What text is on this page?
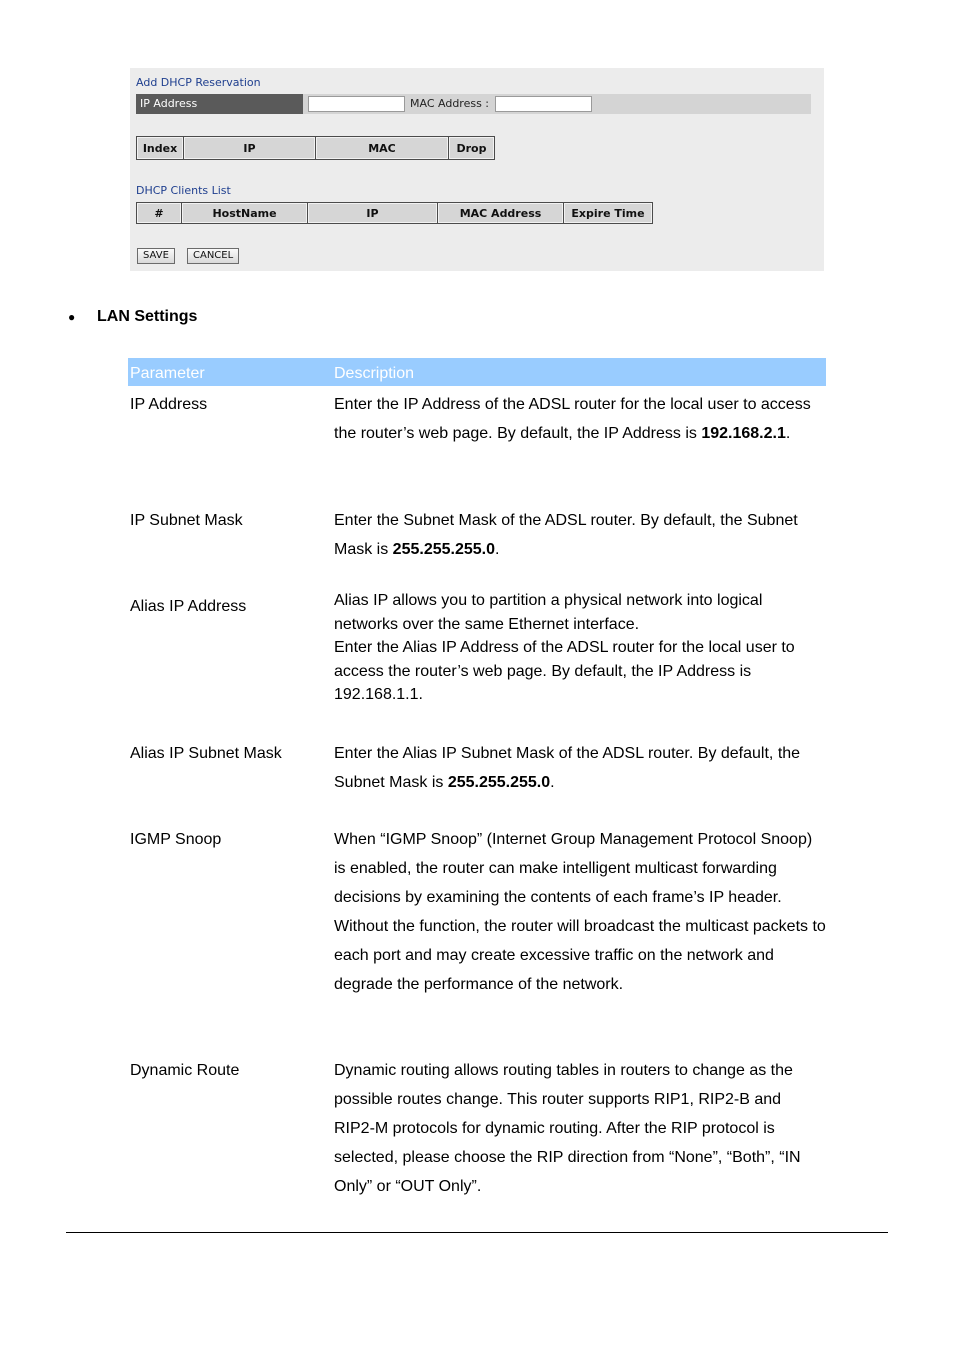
Add DHCP Reservation
IP Address	MAC Address :
Index	IP	MAC	Drop
DHCP Clients List
#	HostName	IP	MAC Address	Expire Time
SAVE	CANCEL
● LAN Settings
Parameter	Description
IP Address	Enter the IP Address of the ADSL router for the local user to access the router’s web page. By default, the IP Address is 192.168.2.1.
IP Subnet Mask	Enter the Subnet Mask of the ADSL router. By default, the Subnet Mask is 255.255.255.0.
Alias IP Address	Alias IP allows you to partition a physical network into logical networks over the same Ethernet interface.

Enter the Alias IP Address of the ADSL router for the local user to access the router’s web page. By default, the IP Address is 192.168.1.1.

Alias IP Subnet Mask	Enter the Alias IP Subnet Mask of the ADSL router. By default, the Subnet Mask is 255.255.255.0.
IGMP Snoop	When “IGMP Snoop” (Internet Group Management Protocol Snoop) is enabled, the router can make intelligent multicast forwarding decisions by examining the contents of each frame’s IP header. Without the function, the router will broadcast the multicast packets to each port and may create excessive traffic on the network and degrade the performance of the network.
Dynamic Route	Dynamic routing allows routing tables in routers to change as the possible routes change. This router supports RIP1, RIP2-B and RIP2-M protocols for dynamic routing. After the RIP protocol is selected, please choose the RIP direction from “None”, “Both”, “IN Only” or “OUT Only”.
